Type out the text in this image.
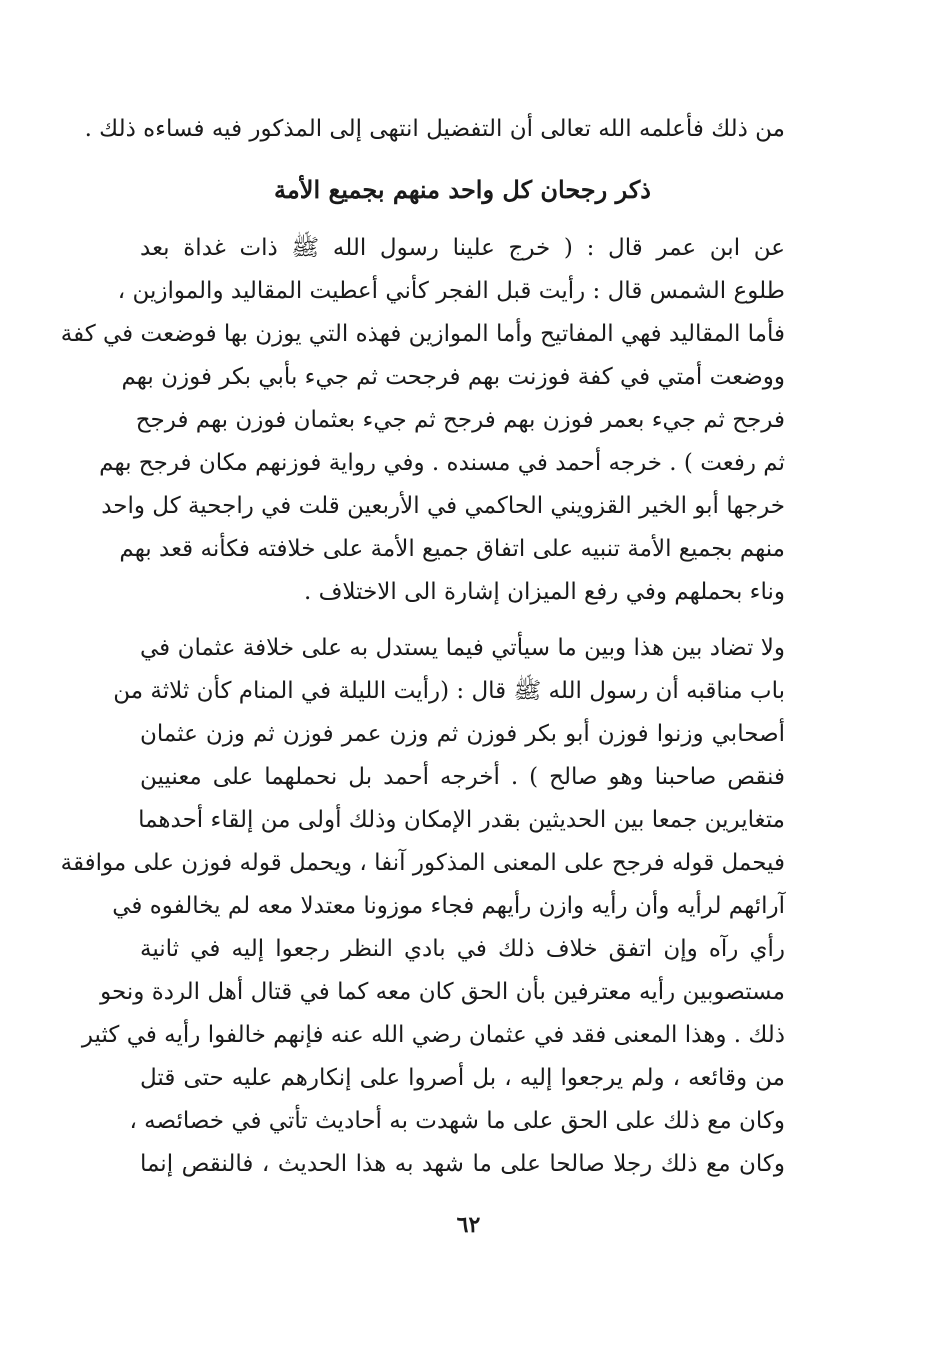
من ذلك فأعلمه الله تعالى أن التفضيل انتهى إلى المذكور فيه فساءه ذلك .
ذكر رجحان كل واحد منهم بجميع الأمة
عن ابن عمر قال : ( خرج علينا رسول الله ﷺ ذات غداة بعد
طلوع الشمس قال : رأيت قبل الفجر كأني أعطيت المقاليد والموازين ،
فأما المقاليد فهي المفاتيح وأما الموازين فهذه التي يوزن بها فوضعت في كفة
ووضعت أمتي في كفة فوزنت بهم فرجحت ثم جيء بأبي بكر فوزن بهم
فرجح ثم جيء بعمر فوزن بهم فرجح ثم جيء بعثمان فوزن بهم فرجح
ثم رفعت ) . خرجه أحمد في مسنده . وفي رواية فوزنهم مكان فرجح بهم
خرجها أبو الخير القزويني الحاكمي في الأربعين قلت في راجحية كل واحد
منهم بجميع الأمة تنبيه على اتفاق جميع الأمة على خلافته فكأنه قعد بهم
وناء بحملهم وفي رفع الميزان إشارة الى الاختلاف .
ولا تضاد بين هذا وبين ما سيأتي فيما يستدل به على خلافة عثمان في
باب مناقبه أن رسول الله ﷺ قال : (رأيت الليلة في المنام كأن ثلاثة من
أصحابي وزنوا فوزن أبو بكر فوزن ثم وزن عمر فوزن ثم وزن عثمان
فنقص صاحبنا وهو صالح ) . أخرجه أحمد بل نحملهما على معنيين
متغايرين جمعا بين الحديثين بقدر الإمكان وذلك أولى من إلقاء أحدهما
فيحمل قوله فرجح على المعنى المذكور آنفا ، ويحمل قوله فوزن على موافقة
آرائهم لرأيه وأن رأيه وازن رأيهم فجاء موزونا معتدلا معه لم يخالفوه في
رأي رآه وإن اتفق خلاف ذلك في بادي النظر رجعوا إليه في ثانية
مستصوبين رأيه معترفين بأن الحق كان معه كما في قتال أهل الردة ونحو
ذلك . وهذا المعنى فقد في عثمان رضي الله عنه فإنهم خالفوا رأيه في كثير
من وقائعه ، ولم يرجعوا إليه ، بل أصروا على إنكارهم عليه حتى قتل
وكان مع ذلك على الحق على ما شهدت به أحاديث تأتي في خصائصه ،
وكان مع ذلك رجلا صالحا على ما شهد به هذا الحديث ، فالنقص إنما
٦٢
